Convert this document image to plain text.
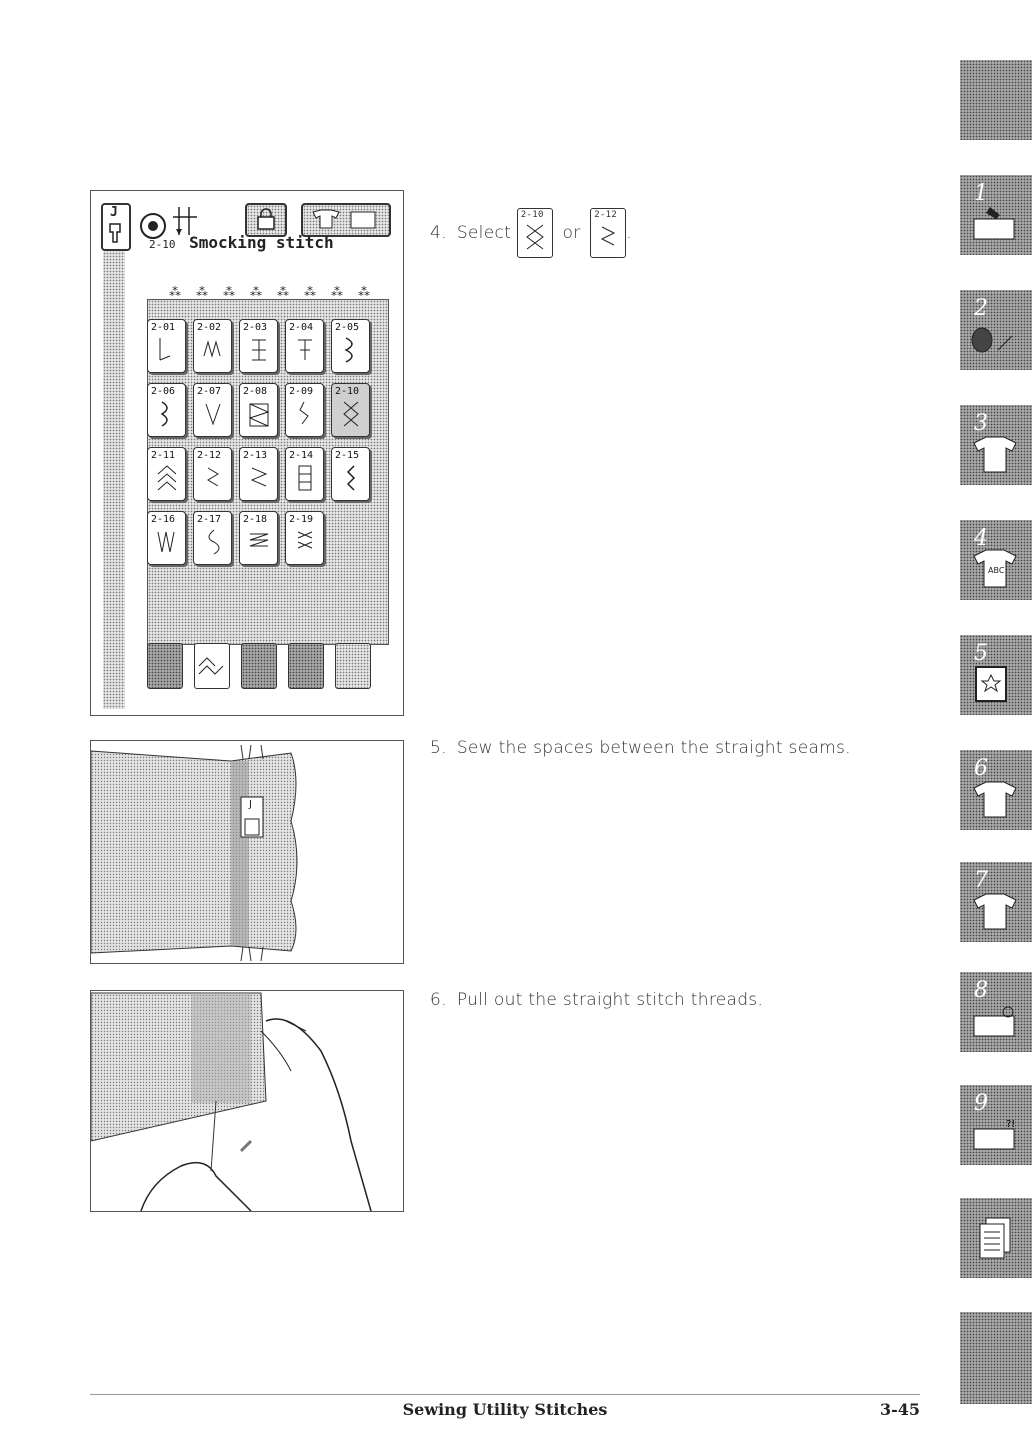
J
2-10 Smocking stitch
⁂⁂⁂⁂⁂⁂⁂⁂
2-01 2-02 2-03 2-04 2-05
2-06 2-07 2-08 2-09 2-10
2-11 2-12 2-13 2-14 2-15
2-16 2-17 2-18 2-19
4. Select
2-10
or
2-12
.
J
5. Sew the spaces between the straight seams.
6. Pull out the straight stitch threads.
1
2
3
4
ABC
5
6
7
8
9
?!
Sewing Utility Stitches	3-45
